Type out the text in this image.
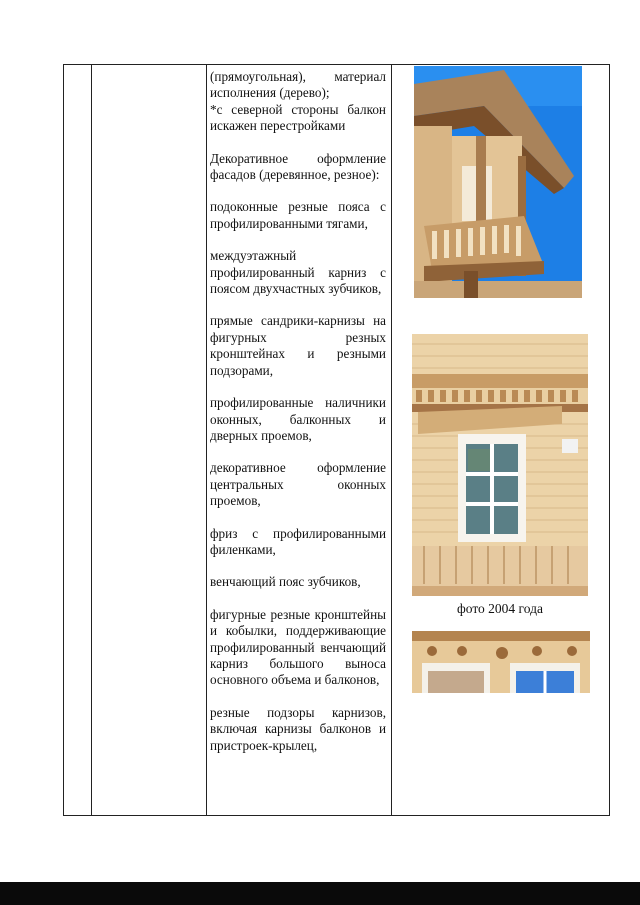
(прямоугольная), материал исполнения (дерево);

*с северной стороны балкон искажен перестройками

Декоративное оформление фасадов (деревянное, резное):

подоконные резные пояса с профилированными тягами,

междуэтажный профилированный карниз с поясом двухчастных зубчиков,

прямые сандрики-карнизы на фигурных резных кронштейнах и резными подзорами,

профилированные наличники оконных, балконных и дверных проемов,

декоративное оформление центральных оконных проемов,

фриз с профилированными филенками,

венчающий пояс зубчиков,

фигурные резные кронштейны и кобылки, поддерживающие профилированный венчающий карниз большого выноса основного объема и балконов,

резные подзоры карнизов, включая карнизы балконов и пристроек-крылец,

фото 2004 года
